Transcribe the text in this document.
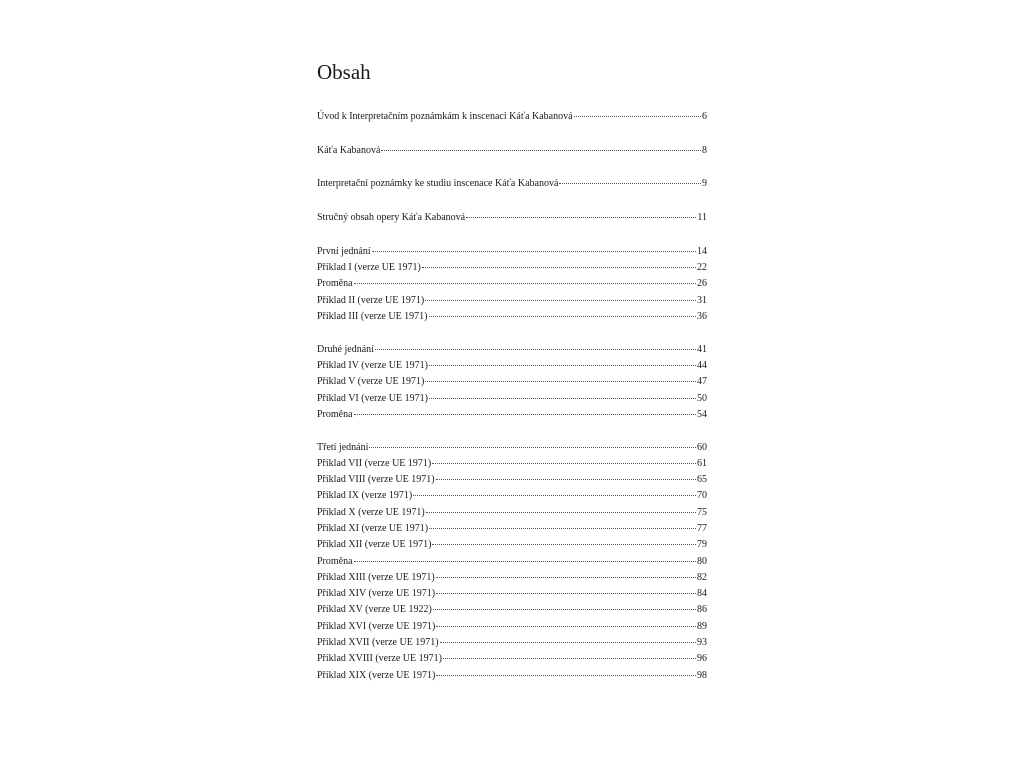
Obsah
Úvod k Interpretačním poznámkám k inscenaci Káťa Kabanová	6
Káťa Kabanová	8
Interpretační poznámky ke studiu inscenace Káťa Kabanová	9
Stručný obsah opery Káťa Kabanová	11
První jednání	14
Příklad I (verze UE 1971)	22
Proměna	26
Příklad II (verze UE 1971)	31
Příklad III (verze UE 1971)	36
Druhé jednání	41
Příklad IV (verze UE 1971)	44
Příklad V (verze UE 1971)	47
Příklad VI (verze UE 1971)	50
Proměna	54
Třetí jednání	60
Příklad VII (verze UE 1971)	61
Příklad VIII (verze UE 1971)	65
Příklad IX (verze 1971)	70
Příklad X (verze UE 1971)	75
Příklad XI (verze UE 1971)	77
Příklad XII (verze UE 1971)	79
Proměna	80
Příklad XIII (verze UE 1971)	82
Příklad XIV (verze UE 1971)	84
Příklad XV (verze UE 1922)	86
Příklad XVI (verze UE 1971)	89
Příklad XVII (verze UE 1971)	93
Příklad XVIII (verze UE 1971)	96
Příklad XIX (verze UE 1971)	98
